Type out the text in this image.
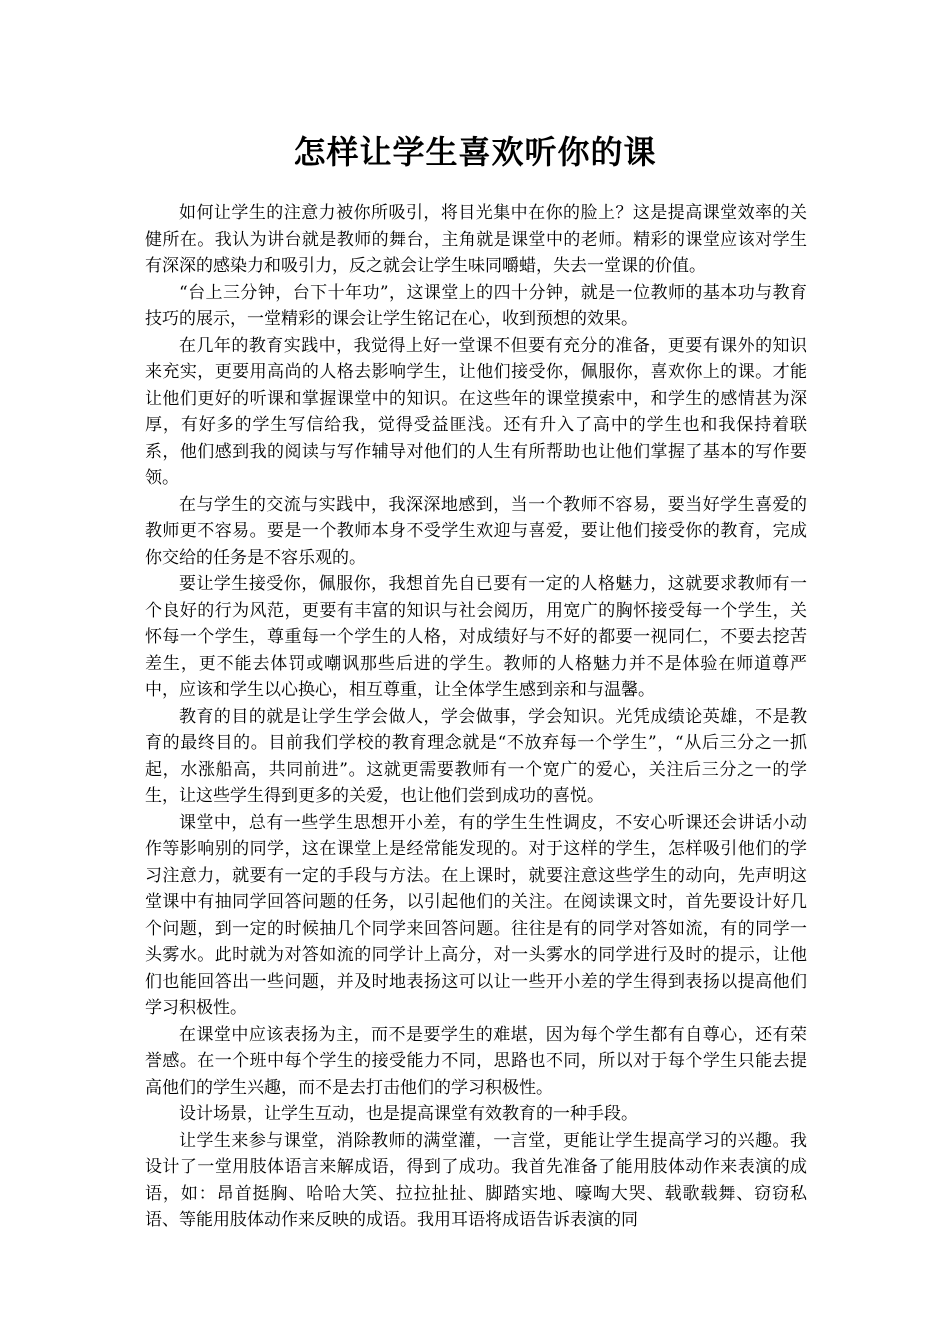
怎样让学生喜欢听你的课

如何让学生的注意力被你所吸引，将目光集中在你的脸上？这是提高课堂效率的关健所在。我认为讲台就是教师的舞台，主角就是课堂中的老师。精彩的课堂应该对学生有深深的感染力和吸引力，反之就会让学生味同嚼蜡，失去一堂课的价值。

“台上三分钟，台下十年功”，这课堂上的四十分钟，就是一位教师的基本功与教育技巧的展示，一堂精彩的课会让学生铭记在心，收到预想的效果。

在几年的教育实践中，我觉得上好一堂课不但要有充分的准备，更要有课外的知识来充实，更要用高尚的人格去影响学生，让他们接受你，佩服你，喜欢你上的课。才能让他们更好的听课和掌握课堂中的知识。在这些年的课堂摸索中，和学生的感情甚为深厚，有好多的学生写信给我，觉得受益匪浅。还有升入了高中的学生也和我保持着联系，他们感到我的阅读与写作辅导对他们的人生有所帮助也让他们掌握了基本的写作要领。

在与学生的交流与实践中，我深深地感到，当一个教师不容易，要当好学生喜爱的教师更不容易。要是一个教师本身不受学生欢迎与喜爱，要让他们接受你的教育，完成你交给的任务是不容乐观的。

要让学生接受你，佩服你，我想首先自已要有一定的人格魅力，这就要求教师有一个良好的行为风范，更要有丰富的知识与社会阅历，用宽广的胸怀接受每一个学生，关怀每一个学生，尊重每一个学生的人格，对成绩好与不好的都要一视同仁，不要去挖苦差生，更不能去体罚或嘲讽那些后进的学生。教师的人格魅力并不是体验在师道尊严中，应该和学生以心换心，相互尊重，让全体学生感到亲和与温馨。

教育的目的就是让学生学会做人，学会做事，学会知识。光凭成绩论英雄，不是教育的最终目的。目前我们学校的教育理念就是“不放弃每一个学生”，“从后三分之一抓起，水涨船高，共同前进”。这就更需要教师有一个宽广的爱心，关注后三分之一的学生，让这些学生得到更多的关爱，也让他们尝到成功的喜悦。

课堂中，总有一些学生思想开小差，有的学生生性调皮，不安心听课还会讲话小动作等影响别的同学，这在课堂上是经常能发现的。对于这样的学生，怎样吸引他们的学习注意力，就要有一定的手段与方法。在上课时，就要注意这些学生的动向，先声明这堂课中有抽同学回答问题的任务，以引起他们的关注。在阅读课文时，首先要设计好几个问题，到一定的时候抽几个同学来回答问题。往往是有的同学对答如流，有的同学一头雾水。此时就为对答如流的同学计上高分，对一头雾水的同学进行及时的提示，让他们也能回答出一些问题，并及时地表扬这可以让一些开小差的学生得到表扬以提高他们学习积极性。

在课堂中应该表扬为主，而不是要学生的难堪，因为每个学生都有自尊心，还有荣誉感。在一个班中每个学生的接受能力不同，思路也不同，所以对于每个学生只能去提高他们的学生兴趣，而不是去打击他们的学习积极性。

设计场景，让学生互动，也是提高课堂有效教育的一种手段。

让学生来参与课堂，消除教师的满堂灌，一言堂，更能让学生提高学习的兴趣。我设计了一堂用肢体语言来解成语，得到了成功。我首先准备了能用肢体动作来表演的成语，如：昂首挺胸、哈哈大笑、拉拉扯扯、脚踏实地、嚎啕大哭、载歌载舞、窃窃私语、等能用肢体动作来反映的成语。我用耳语将成语告诉表演的同
